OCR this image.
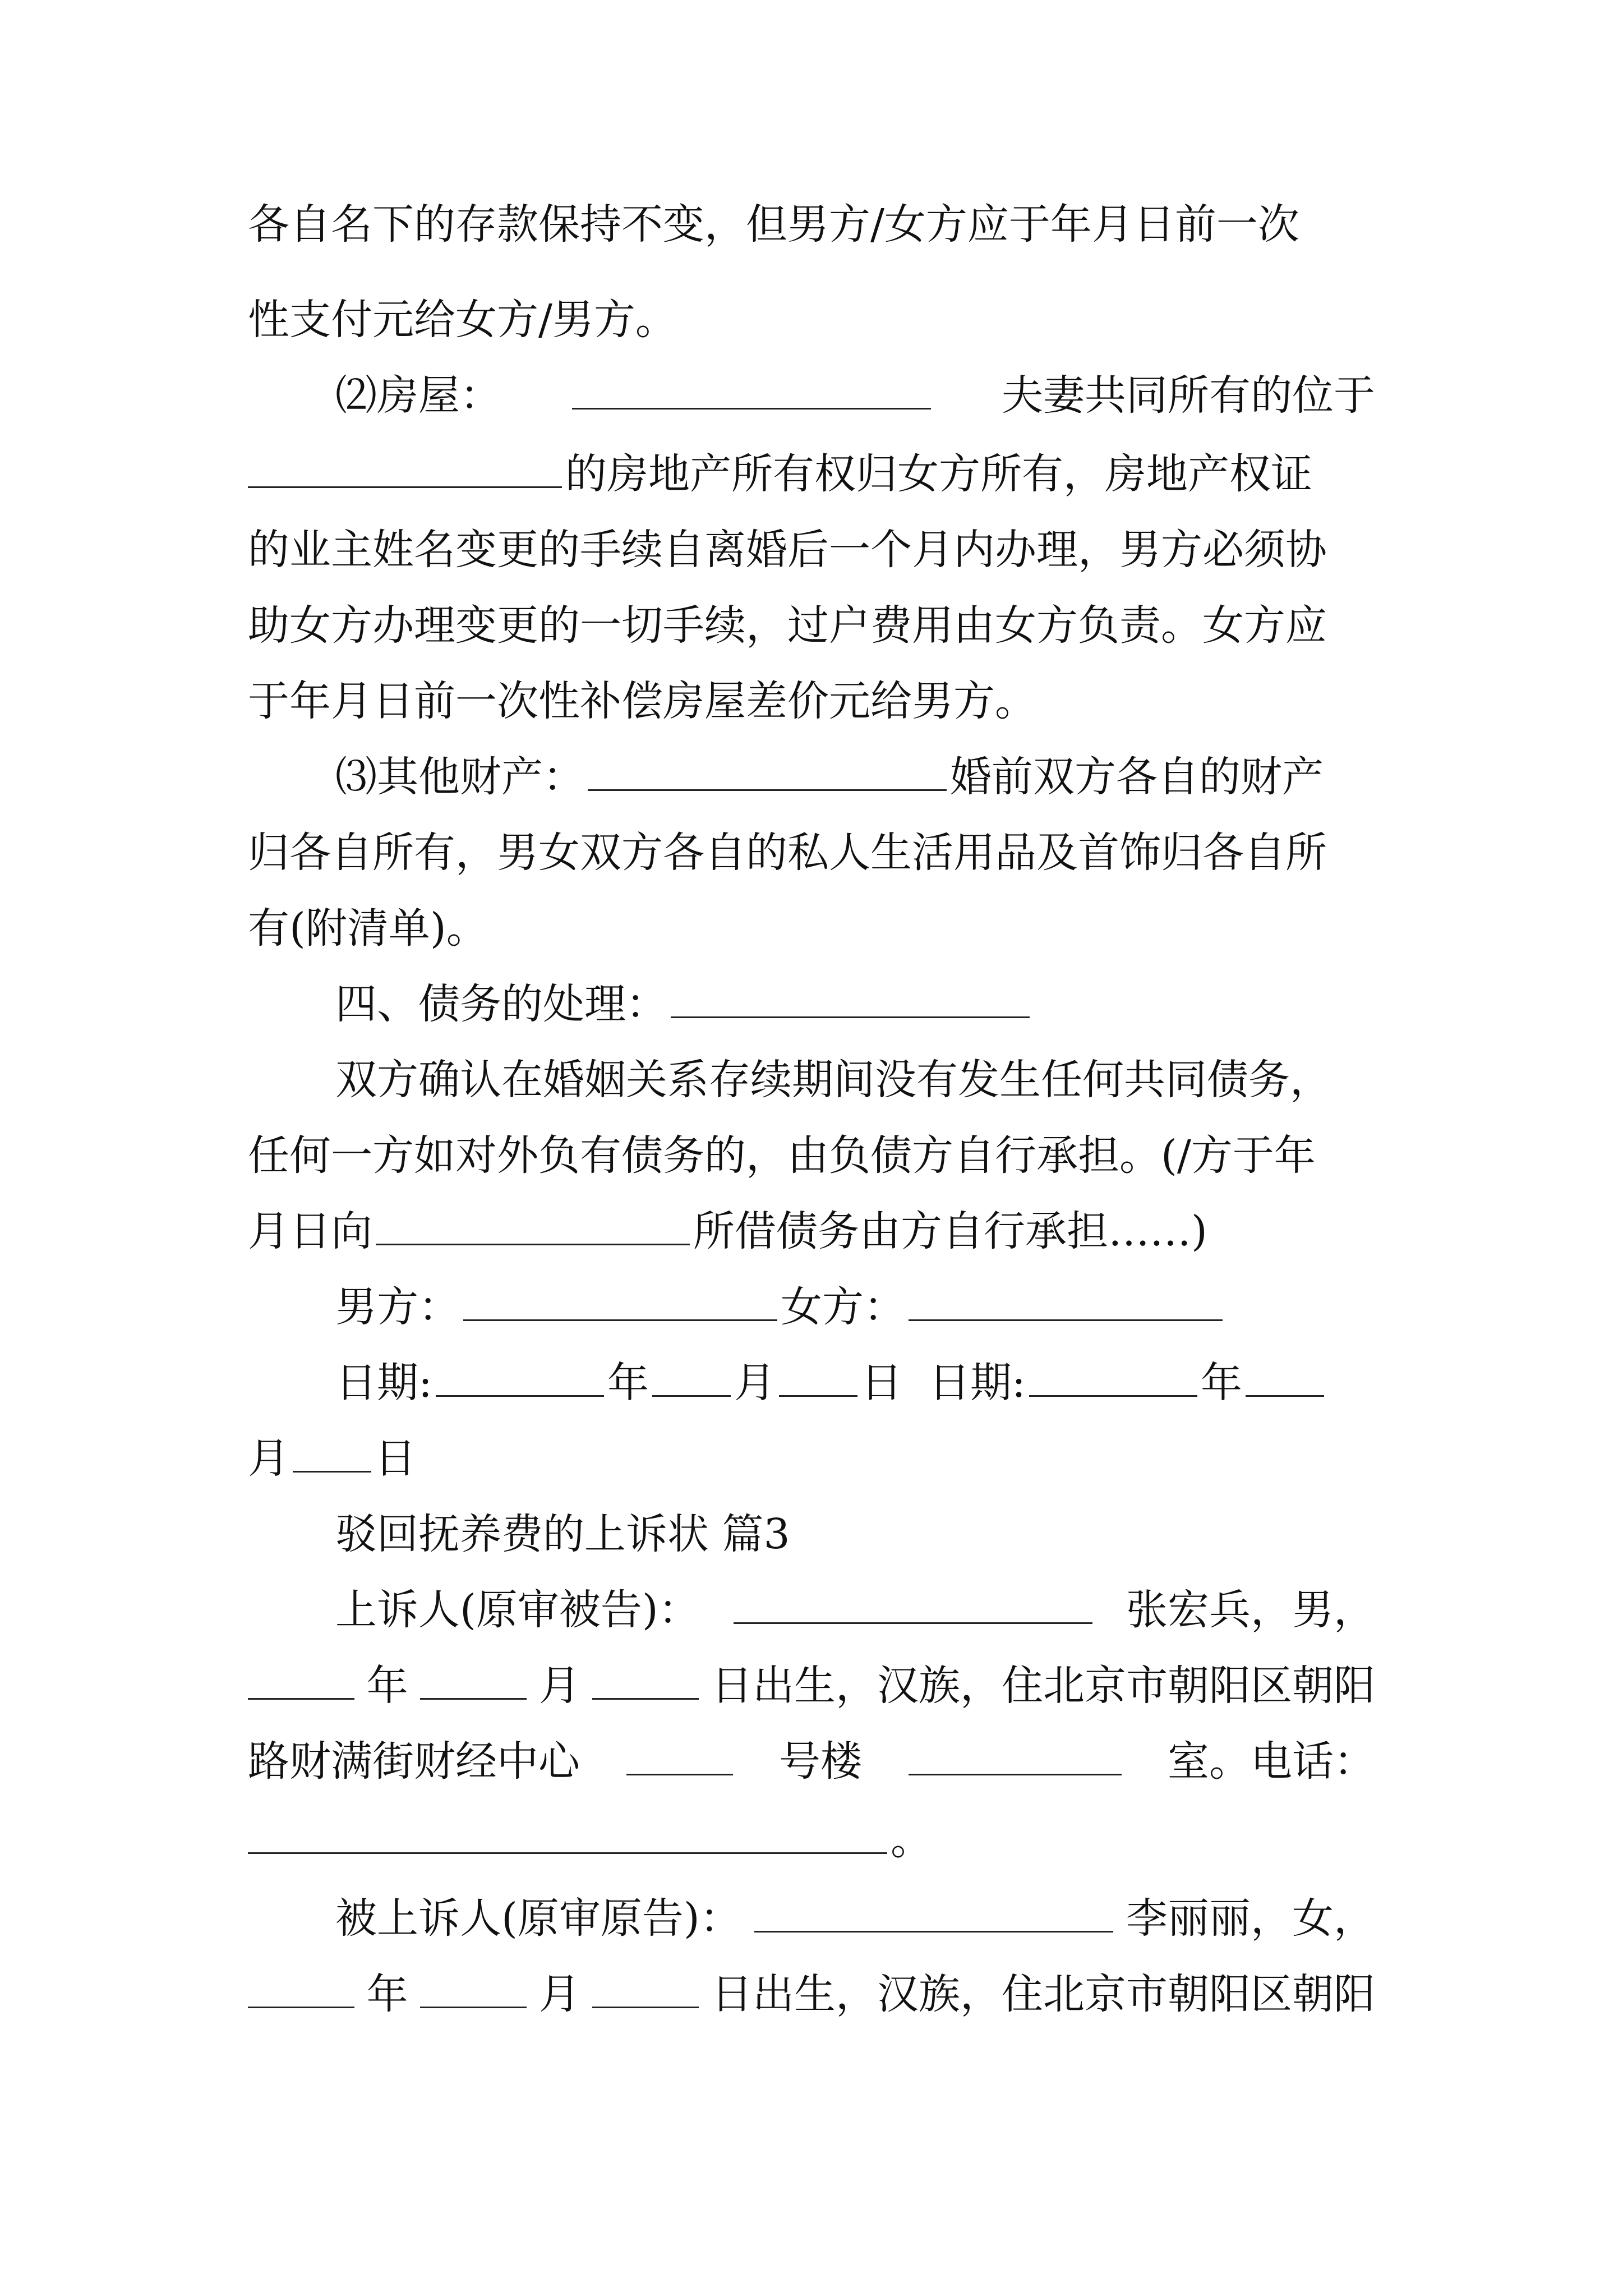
各自名下的存款保持不变，但男方/女方应于年月日前一次
性支付元给女方/男方。
⑵房屋：	夫妻共同所有的位于
的房地产所有权归女方所有，房地产权证
的业主姓名变更的手续自离婚后一个月内办理，男方必须协
助女方办理变更的一切手续，过户费用由女方负责。女方应
于年月日前一次性补偿房屋差价元给男方。
⑶其他财产：	婚前双方各自的财产
归各自所有，男女双方各自的私人生活用品及首饰归各自所
有(附清单)。
四、债务的处理：
双方确认在婚姻关系存续期间没有发生任何共同债务，
任何一方如对外负有债务的，由负债方自行承担。(/方于年
月日向	所借债务由方自行承担……)
男方：	女方：
日期:	年 月 日 日期:	年
月 日
驳回抚养费的上诉状 篇3
上诉人(原审被告)：	张宏兵，男，
年	月	日出生，汉族，住北京市朝阳区朝阳
路财满街财经中心	号楼	室。电话：
。
被上诉人(原审原告)：	李丽丽，女，
年	月	日出生，汉族，住北京市朝阳区朝阳
